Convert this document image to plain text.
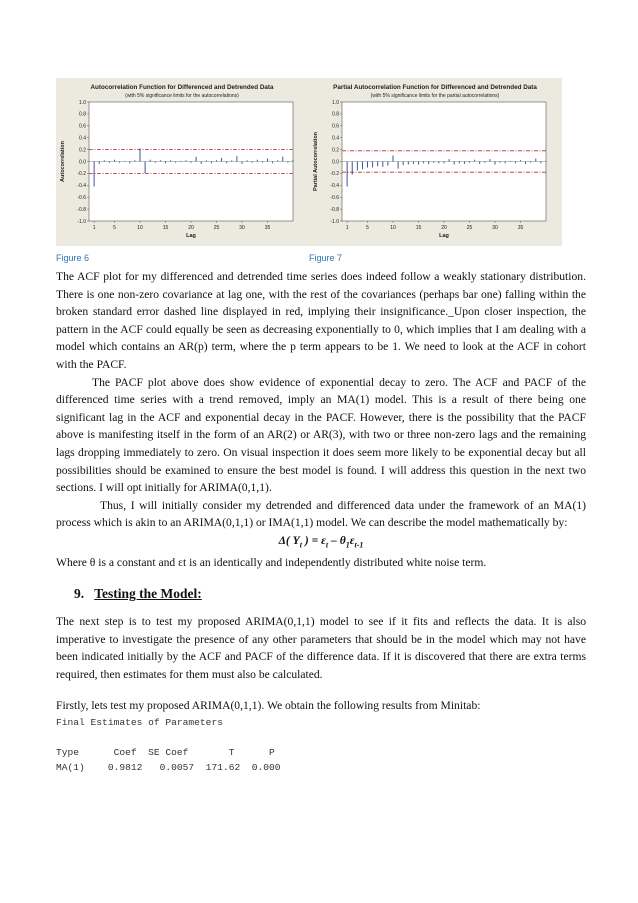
Autocorrelation Function for Differenced and Detrended Data
(with 5% significance limits for the autocorrelations)
1.0
0.8
0.6
0.4
0.2
0.0
-0.2
-0.4
-0.6
-0.8
-1.0
1	5	10	15	20	25	30	35
Lag
Autocorrelation
Partial Autocorrelation Function for Differenced and Detrended Data
(with 5% significance limits for the partial autocorrelations)
1.0
0.8
0.6
0.4
0.2
0.0
-0.2
-0.4
-0.6
-0.8
-1.0
1	5	10	15	20	25	30	35
Lag
Partial Autocorrelation
Figure 6	Figure 7

The ACF plot for my differenced and detrended time series does indeed follow a weakly stationary distribution. There is one non-zero covariance at lag one, with the rest of the covariances (perhaps bar one) falling within the broken standard error dashed line displayed in red, implying their insignificance._Upon closer inspection, the pattern in the ACF could equally be seen as decreasing exponentially to 0, which implies that I am dealing with a model which contains an AR(p) term, where the p term appears to be 1. We need to look at the ACF in cohort with the PACF.

The PACF plot above does show evidence of exponential decay to zero. The ACF and PACF of the differenced time series with a trend removed, imply an MA(1) model. This is a result of there being one significant lag in the ACF and exponential decay in the PACF. However, there is the possibility that the PACF above is manifesting itself in the form of an AR(2) or AR(3), with two or three non-zero lags and the remaining lags dropping immediately to zero. On visual inspection it does seem more likely to be exponential decay but all possibilities should be examined to ensure the best model is found. I will address this question in the next two sections. I will opt initially for ARIMA(0,1,1).

Thus, I will initially consider my detrended and differenced data under the framework of an MA(1) process which is akin to an ARIMA(0,1,1) or IMA(1,1) model. We can describe the model mathematically by:

Δ( $Y_t$ ) = $\varepsilon_t - \theta_1\varepsilon_{t-1}$

Where θ is a constant and εt is an identically and independently distributed white noise term.

9. Testing the Model:

The next step is to test my proposed ARIMA(0,1,1) model to see if it fits and reflects the data. It is also imperative to investigate the presence of any other parameters that should be in the model which may not have been indicated initially by the ACF and PACF of the difference data. If it is discovered that there are extra terms required, then estimates for them must also be calculated.

Firstly, lets test my proposed ARIMA(0,1,1). We obtain the following results from Minitab:

Final Estimates of Parameters

Type      Coef  SE Coef       T      P

MA(1)    0.9812   0.0057  171.62  0.000
